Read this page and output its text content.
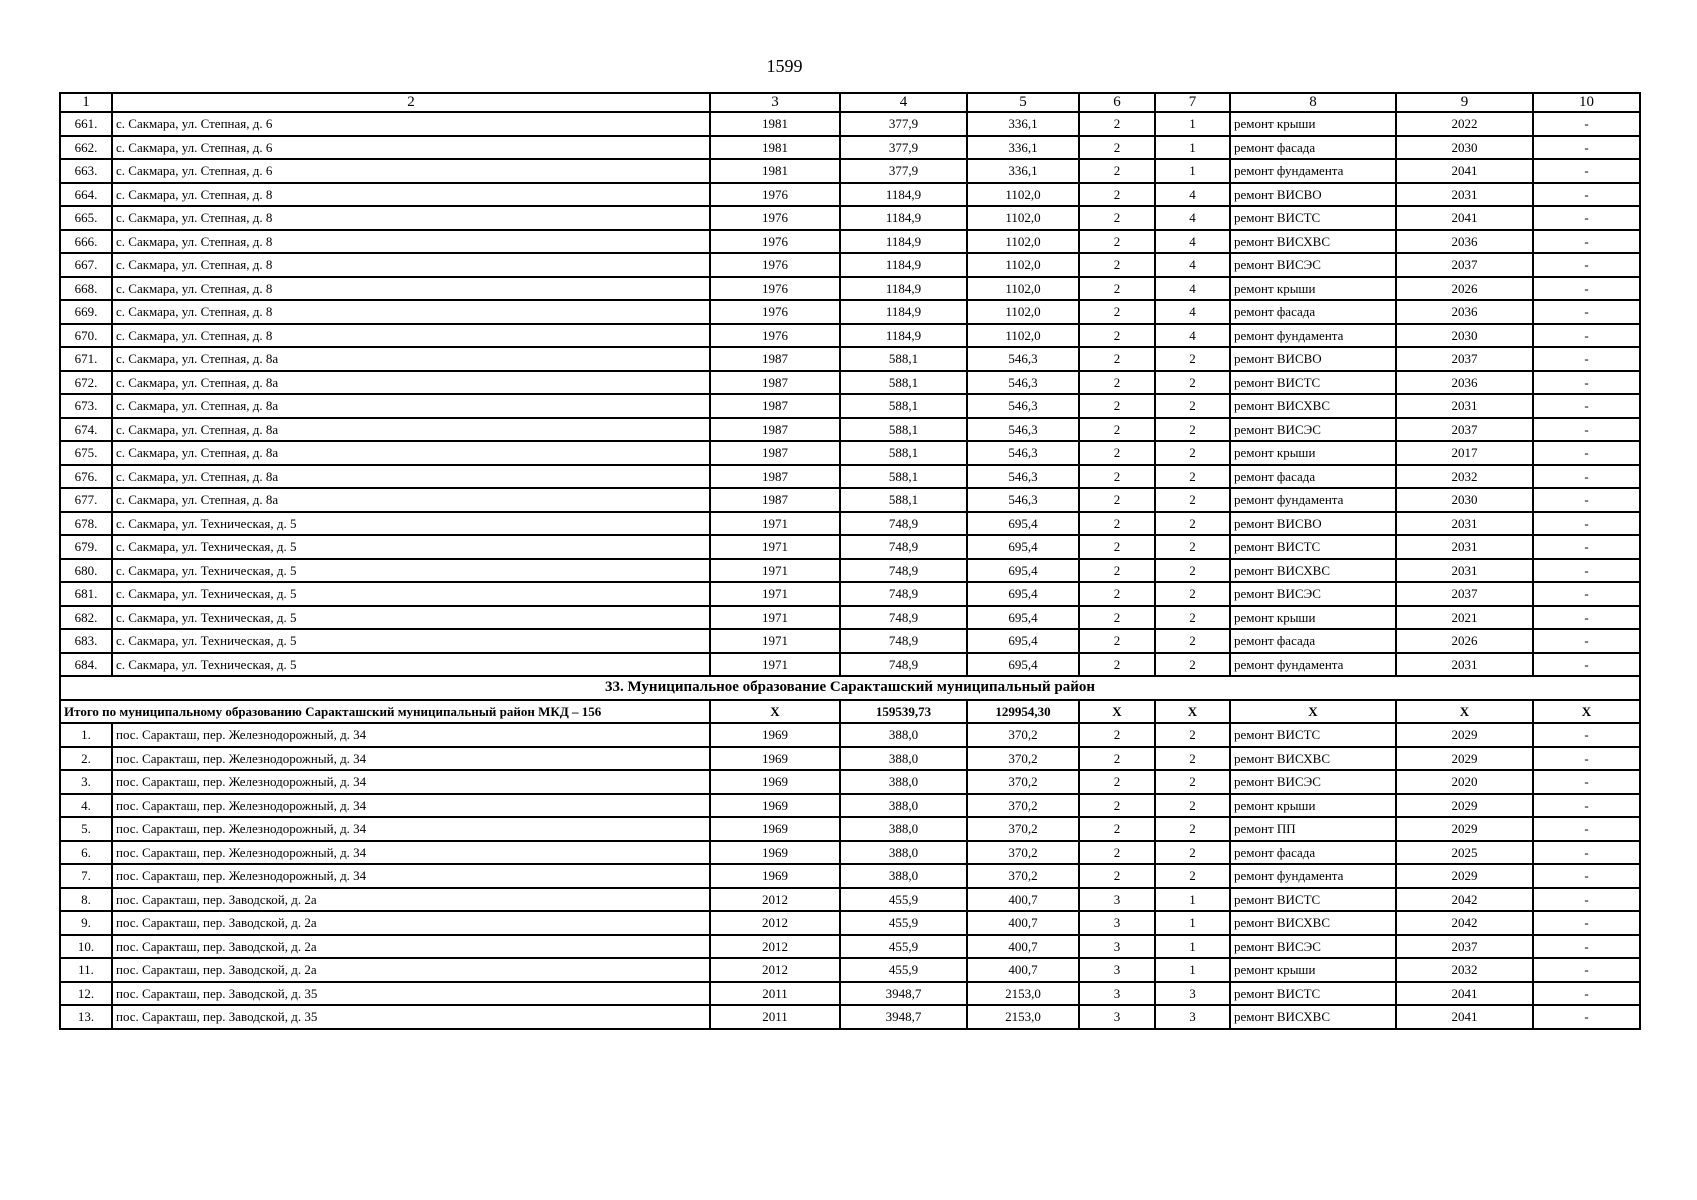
1599
1	2	3	4	5	6	7	8	9	10
661.	с. Сакмара, ул. Степная, д. 6	1981	377,9	336,1	2	1	ремонт крыши	2022	-
662.	с. Сакмара, ул. Степная, д. 6	1981	377,9	336,1	2	1	ремонт фасада	2030	-
663.	с. Сакмара, ул. Степная, д. 6	1981	377,9	336,1	2	1	ремонт фундамента	2041	-
664.	с. Сакмара, ул. Степная, д. 8	1976	1184,9	1102,0	2	4	ремонт ВИСВО	2031	-
665.	с. Сакмара, ул. Степная, д. 8	1976	1184,9	1102,0	2	4	ремонт ВИСТС	2041	-
666.	с. Сакмара, ул. Степная, д. 8	1976	1184,9	1102,0	2	4	ремонт ВИСХВС	2036	-
667.	с. Сакмара, ул. Степная, д. 8	1976	1184,9	1102,0	2	4	ремонт ВИСЭС	2037	-
668.	с. Сакмара, ул. Степная, д. 8	1976	1184,9	1102,0	2	4	ремонт крыши	2026	-
669.	с. Сакмара, ул. Степная, д. 8	1976	1184,9	1102,0	2	4	ремонт фасада	2036	-
670.	с. Сакмара, ул. Степная, д. 8	1976	1184,9	1102,0	2	4	ремонт фундамента	2030	-
671.	с. Сакмара, ул. Степная, д. 8а	1987	588,1	546,3	2	2	ремонт ВИСВО	2037	-
672.	с. Сакмара, ул. Степная, д. 8а	1987	588,1	546,3	2	2	ремонт ВИСТС	2036	-
673.	с. Сакмара, ул. Степная, д. 8а	1987	588,1	546,3	2	2	ремонт ВИСХВС	2031	-
674.	с. Сакмара, ул. Степная, д. 8а	1987	588,1	546,3	2	2	ремонт ВИСЭС	2037	-
675.	с. Сакмара, ул. Степная, д. 8а	1987	588,1	546,3	2	2	ремонт крыши	2017	-
676.	с. Сакмара, ул. Степная, д. 8а	1987	588,1	546,3	2	2	ремонт фасада	2032	-
677.	с. Сакмара, ул. Степная, д. 8а	1987	588,1	546,3	2	2	ремонт фундамента	2030	-
678.	с. Сакмара, ул. Техническая, д. 5	1971	748,9	695,4	2	2	ремонт ВИСВО	2031	-
679.	с. Сакмара, ул. Техническая, д. 5	1971	748,9	695,4	2	2	ремонт ВИСТС	2031	-
680.	с. Сакмара, ул. Техническая, д. 5	1971	748,9	695,4	2	2	ремонт ВИСХВС	2031	-
681.	с. Сакмара, ул. Техническая, д. 5	1971	748,9	695,4	2	2	ремонт ВИСЭС	2037	-
682.	с. Сакмара, ул. Техническая, д. 5	1971	748,9	695,4	2	2	ремонт крыши	2021	-
683.	с. Сакмара, ул. Техническая, д. 5	1971	748,9	695,4	2	2	ремонт фасада	2026	-
684.	с. Сакмара, ул. Техническая, д. 5	1971	748,9	695,4	2	2	ремонт фундамента	2031	-
33. Муниципальное образование Саракташский муниципальный район									
Итого по муниципальному образованию Саракташский муниципальный район МКД – 156		X	159539,73	129954,30	X	X	X	X	X
1.	пос. Саракташ, пер. Железнодорожный, д. 34	1969	388,0	370,2	2	2	ремонт ВИСТС	2029	-
2.	пос. Саракташ, пер. Железнодорожный, д. 34	1969	388,0	370,2	2	2	ремонт ВИСХВС	2029	-
3.	пос. Саракташ, пер. Железнодорожный, д. 34	1969	388,0	370,2	2	2	ремонт ВИСЭС	2020	-
4.	пос. Саракташ, пер. Железнодорожный, д. 34	1969	388,0	370,2	2	2	ремонт крыши	2029	-
5.	пос. Саракташ, пер. Железнодорожный, д. 34	1969	388,0	370,2	2	2	ремонт ПП	2029	-
6.	пос. Саракташ, пер. Железнодорожный, д. 34	1969	388,0	370,2	2	2	ремонт фасада	2025	-
7.	пос. Саракташ, пер. Железнодорожный, д. 34	1969	388,0	370,2	2	2	ремонт фундамента	2029	-
8.	пос. Саракташ, пер. Заводской, д. 2а	2012	455,9	400,7	3	1	ремонт ВИСТС	2042	-
9.	пос. Саракташ, пер. Заводской, д. 2а	2012	455,9	400,7	3	1	ремонт ВИСХВС	2042	-
10.	пос. Саракташ, пер. Заводской, д. 2а	2012	455,9	400,7	3	1	ремонт ВИСЭС	2037	-
11.	пос. Саракташ, пер. Заводской, д. 2а	2012	455,9	400,7	3	1	ремонт крыши	2032	-
12.	пос. Саракташ, пер. Заводской, д. 35	2011	3948,7	2153,0	3	3	ремонт ВИСТС	2041	-
13.	пос. Саракташ, пер. Заводской, д. 35	2011	3948,7	2153,0	3	3	ремонт ВИСХВС	2041	-
